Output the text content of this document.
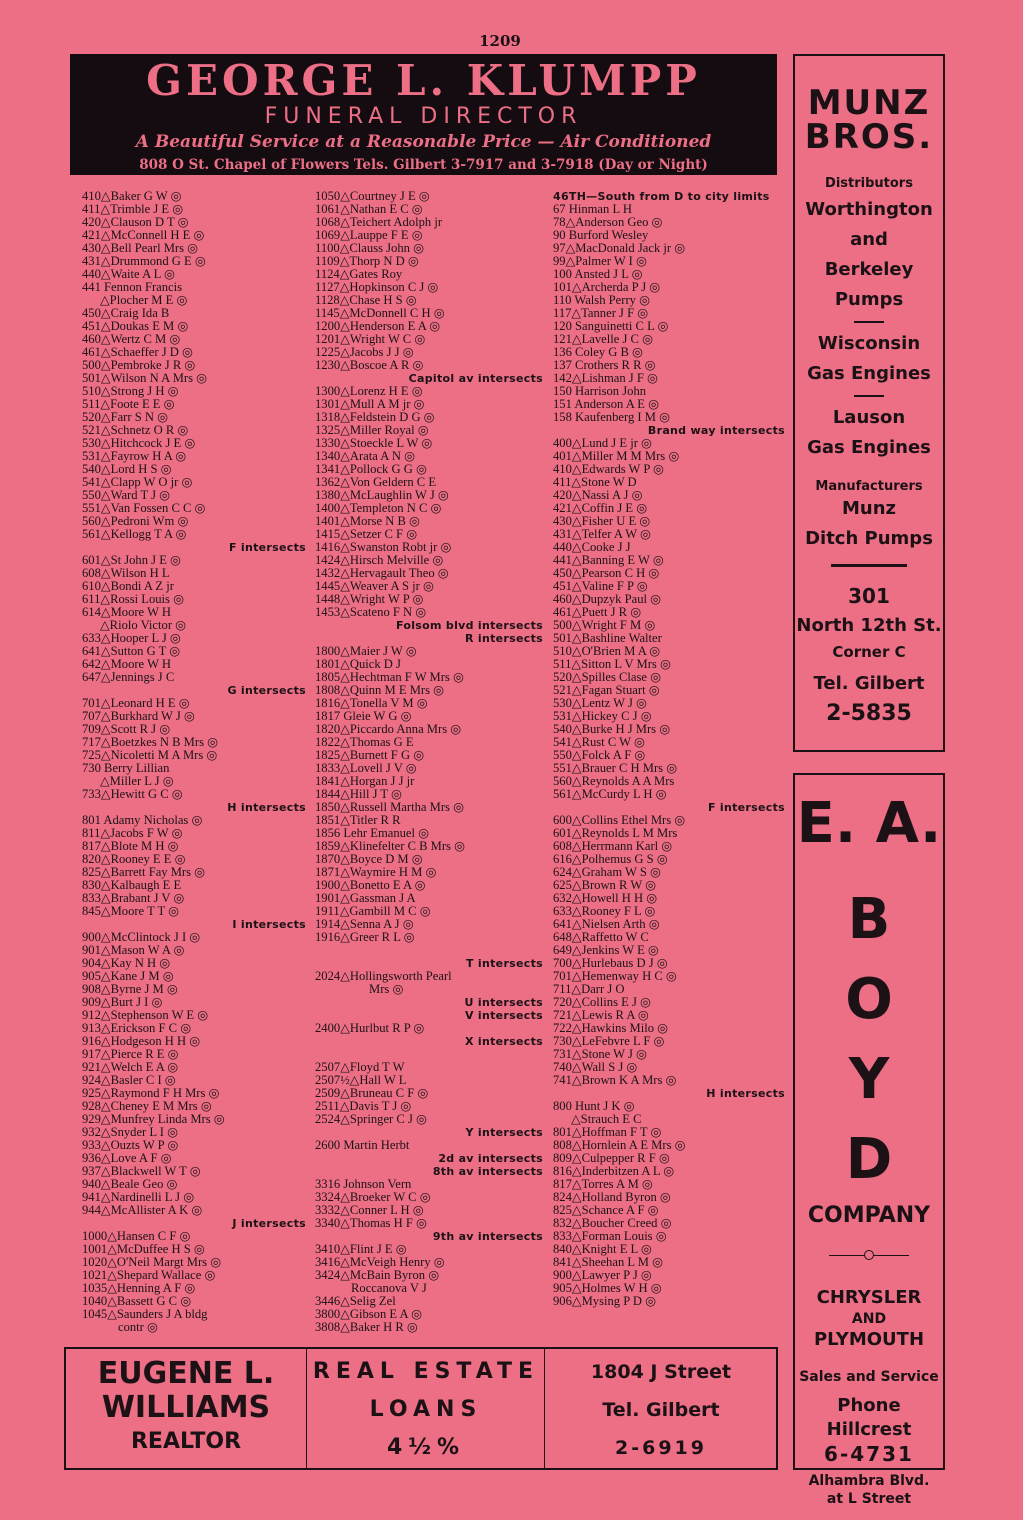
1209
GEORGE L. KLUMPP
FUNERAL DIRECTOR
A Beautiful Service at a Reasonable Price — Air Conditioned
808 O St. Chapel of Flowers Tels. Gilbert 3-7917 and 3-7918 (Day or Night)
410△Baker G W ◎
411△Trimble J E ◎
420△Clauson D T ◎
421△McConnell H E ◎
430△Bell Pearl Mrs ◎
431△Drummond G E ◎
440△Waite A L ◎
441 Fennon Francis
△Plocher M E ◎
450△Craig Ida B
451△Doukas E M ◎
460△Wertz C M ◎
461△Schaeffer J D ◎
500△Pembroke J R ◎
501△Wilson N A Mrs ◎
510△Strong J H ◎
511△Foote E E ◎
520△Farr S N ◎
521△Schnetz O R ◎
530△Hitchcock J E ◎
531△Fayrow H A ◎
540△Lord H S ◎
541△Clapp W O jr ◎
550△Ward T J ◎
551△Van Fossen C C ◎
560△Pedroni Wm ◎
561△Kellogg T A ◎
F intersects
601△St John J E ◎
608△Wilson H L
610△Bondi A Z jr
611△Rossi Louis ◎
614△Moore W H
△Riolo Victor ◎
633△Hooper L J ◎
641△Sutton G T ◎
642△Moore W H
647△Jennings J C
G intersects
701△Leonard H E ◎
707△Burkhard W J ◎
709△Scott R J ◎
717△Boetzkes N B Mrs ◎
725△Nicoletti M A Mrs ◎
730 Berry Lillian
△Miller L J ◎
733△Hewitt G C ◎
H intersects
801 Adamy Nicholas ◎
811△Jacobs F W ◎
817△Blote M H ◎
820△Rooney E E ◎
825△Barrett Fay Mrs ◎
830△Kalbaugh E E
833△Brabant J V ◎
845△Moore T T ◎
I intersects
900△McClintock J I ◎
901△Mason W A ◎
904△Kay N H ◎
905△Kane J M ◎
908△Byrne J M ◎
909△Burt J I ◎
912△Stephenson W E ◎
913△Erickson F C ◎
916△Hodgeson H H ◎
917△Pierce R E ◎
921△Welch E A ◎
924△Basler C I ◎
925△Raymond F H Mrs ◎
928△Cheney E M Mrs ◎
929△Munfrey Linda Mrs ◎
932△Snyder L I ◎
933△Ouzts W P ◎
936△Love A F ◎
937△Blackwell W T ◎
940△Beale Geo ◎
941△Nardinelli L J ◎
944△McAllister A K ◎
J intersects
1000△Hansen C F ◎
1001△McDuffee H S ◎
1020△O'Neil Margt Mrs ◎
1021△Shepard Wallace ◎
1035△Henning A F ◎
1040△Bassett G C ◎
1045△Saunders J A bldg
contr ◎
1050△Courtney J E ◎
1061△Nathan E C ◎
1068△Teichert Adolph jr
1069△Lauppe F E ◎
1100△Clauss John ◎
1109△Thorp N D ◎
1124△Gates Roy
1127△Hopkinson C J ◎
1128△Chase H S ◎
1145△McDonnell C H ◎
1200△Henderson E A ◎
1201△Wright W C ◎
1225△Jacobs J J ◎
1230△Boscoe A R ◎
Capitol av intersects
1300△Lorenz H E ◎
1301△Mull A M jr ◎
1318△Feldstein D G ◎
1325△Miller Royal ◎
1330△Stoeckle L W ◎
1340△Arata A N ◎
1341△Pollock G G ◎
1362△Von Geldern C E
1380△McLaughlin W J ◎
1400△Templeton N C ◎
1401△Morse N B ◎
1415△Setzer C F ◎
1416△Swanston Robt jr ◎
1424△Hirsch Melville ◎
1432△Hervagault Theo ◎
1445△Weaver A S jr ◎
1448△Wright W P ◎
1453△Scateno F N ◎
Folsom blvd intersects
R intersects
1800△Maier J W ◎
1801△Quick D J
1805△Hechtman F W Mrs ◎
1808△Quinn M E Mrs ◎
1816△Tonella V M ◎
1817 Gleie W G ◎
1820△Piccardo Anna Mrs ◎
1822△Thomas G E
1825△Burnett F G ◎
1833△Lovell J V ◎
1841△Horgan J J jr
1844△Hill J T ◎
1850△Russell Martha Mrs ◎
1851△Titler R R
1856 Lehr Emanuel ◎
1859△Klinefelter C B Mrs ◎
1870△Boyce D M ◎
1871△Waymire H M ◎
1900△Bonetto E A ◎
1901△Gassman J A
1911△Gambill M C ◎
1914△Senna A J ◎
1916△Greer R L ◎

T intersects
2024△Hollingsworth Pearl
Mrs ◎
U intersects
V intersects
2400△Hurlbut R P ◎
X intersects

2507△Floyd T W
2507½△Hall W L
2509△Bruneau C F ◎
2511△Davis T J ◎
2524△Springer C J ◎
Y intersects
2600 Martin Herbt
2d av intersects
8th av intersects
3316 Johnson Vern
3324△Broeker W C ◎
3332△Conner L H ◎
3340△Thomas H F ◎
9th av intersects
3410△Flint J E ◎
3416△McVeigh Henry ◎
3424△McBain Byron ◎
Roccanova V J
3446△Selig Zel
3800△Gibson E A ◎
3808△Baker H R ◎
46TH—South from D to city limits
67 Hinman L H
78△Anderson Geo ◎
90 Burford Wesley
97△MacDonald Jack jr ◎
99△Palmer W I ◎
100 Ansted J L ◎
101△Archerda P J ◎
110 Walsh Perry ◎
117△Tanner J F ◎
120 Sanguinetti C L ◎
121△Lavelle J C ◎
136 Coley G B ◎
137 Crothers R R ◎
142△Lishman J F ◎
150 Harrison John
151 Anderson A E ◎
158 Kaufenberg I M ◎
Brand way intersects
400△Lund J E jr ◎
401△Miller M M Mrs ◎
410△Edwards W P ◎
411△Stone W D
420△Nassi A J ◎
421△Coffin J E ◎
430△Fisher U E ◎
431△Telfer A W ◎
440△Cooke J J
441△Banning E W ◎
450△Pearson C H ◎
451△Valine F P ◎
460△Dupzyk Paul ◎
461△Puett J R ◎
500△Wright F M ◎
501△Bashline Walter
510△O'Brien M A ◎
511△Sitton L V Mrs ◎
520△Spilles Clase ◎
521△Fagan Stuart ◎
530△Lentz W J ◎
531△Hickey C J ◎
540△Burke H J Mrs ◎
541△Rust C W ◎
550△Folck A F ◎
551△Brauer C H Mrs ◎
560△Reynolds A A Mrs
561△McCurdy L H ◎
F intersects
600△Collins Ethel Mrs ◎
601△Reynolds L M Mrs
608△Herrmann Karl ◎
616△Polhemus G S ◎
624△Graham W S ◎
625△Brown R W ◎
632△Howell H H ◎
633△Rooney F L ◎
641△Nielsen Arth ◎
648△Raffetto W C
649△Jenkins W E ◎
700△Hurlebaus D J ◎
701△Hemenway H C ◎
711△Darr J O
720△Collins E J ◎
721△Lewis R A ◎
722△Hawkins Milo ◎
730△LeFebvre L F ◎
731△Stone W J ◎
740△Wall S J ◎
741△Brown K A Mrs ◎
H intersects
800 Hunt J K ◎
△Strauch E C
801△Hoffman F T ◎
808△Hornlein A E Mrs ◎
809△Culpepper R F ◎
816△Inderbitzen A L ◎
817△Torres A M ◎
824△Holland Byron ◎
825△Schance A F ◎
832△Boucher Creed ◎
833△Forman Louis ◎
840△Knight E L ◎
841△Sheehan L M ◎
900△Lawyer P J ◎
905△Holmes W H ◎
906△Mysing P D ◎
MUNZ
BROS.
Distributors
Worthington
and
Berkeley
Pumps
Wisconsin
Gas Engines
Lauson
Gas Engines
Manufacturers
Munz
Ditch Pumps
301
North 12th St.
Corner C
Tel. Gilbert
2-5835
E. A.
B
O
Y
D
COMPANY
CHRYSLER
AND
PLYMOUTH
Sales and Service
Phone Hillcrest
6-4731
Alhambra Blvd.
at L Street
EUGENE L.
WILLIAMS
REALTOR
REAL ESTATE
LOANS
4½%
1804 J Street
Tel. Gilbert
2-6919
